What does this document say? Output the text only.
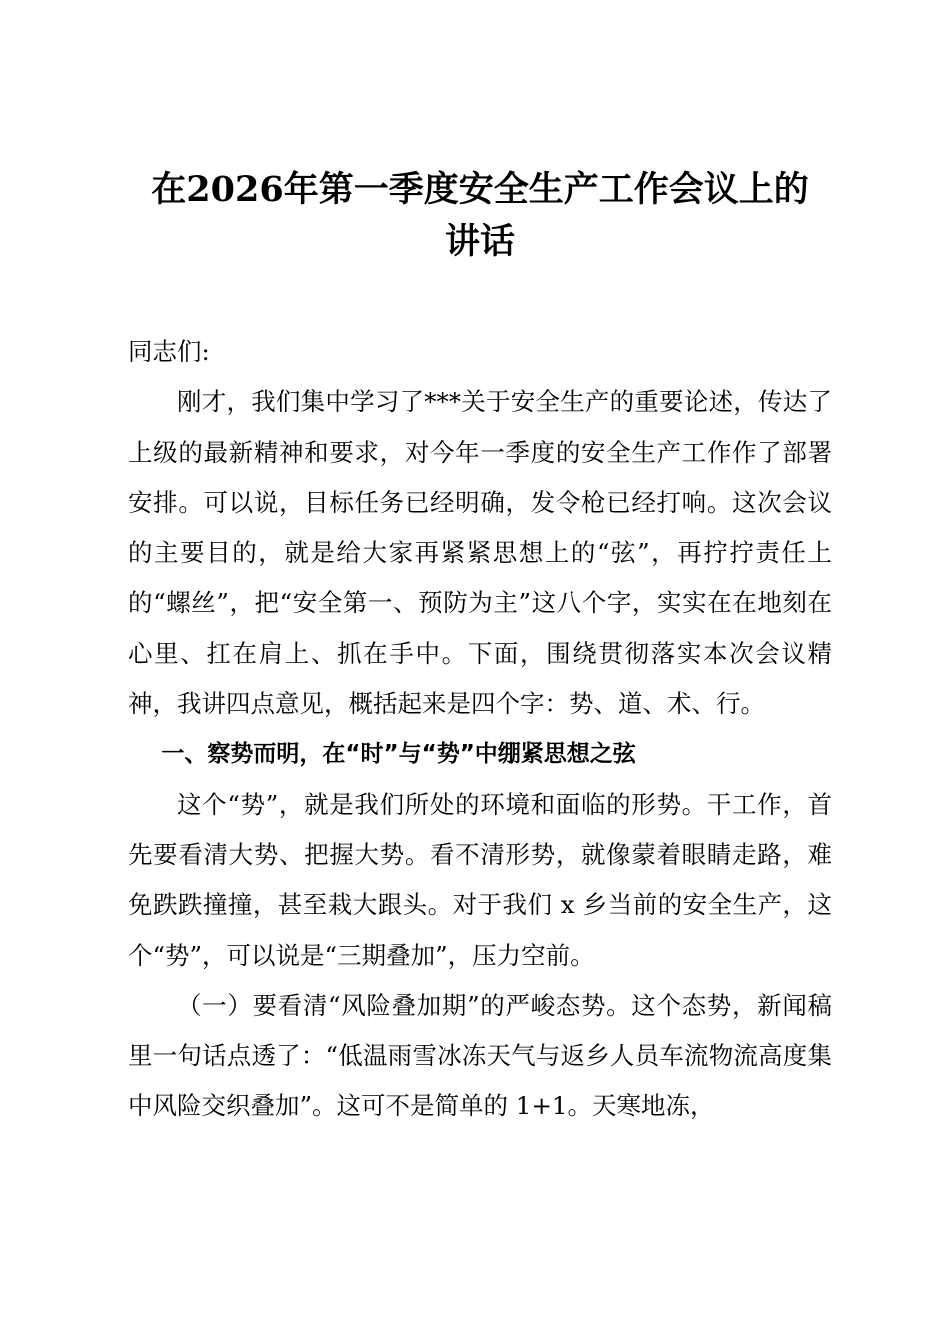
在2026年第一季度安全生产工作会议上的
讲话

同志们:

刚才，我们集中学习了***关于安全生产的重要论述，传达了上级的最新精神和要求，对今年一季度的安全生产工作作了部署安排。可以说，目标任务已经明确，发令枪已经打响。这次会议的主要目的，就是给大家再紧紧思想上的“弦”，再拧拧责任上的“螺丝”，把“安全第一、预防为主”这八个字，实实在在地刻在心里、扛在肩上、抓在手中。下面，围绕贯彻落实本次会议精神，我讲四点意见，概括起来是四个字：势、道、术、行。

一、察势而明，在“时”与“势”中绷紧思想之弦

这个“势”，就是我们所处的环境和面临的形势。干工作，首先要看清大势、把握大势。看不清形势，就像蒙着眼睛走路，难免跌跌撞撞，甚至栽大跟头。对于我们 x 乡当前的安全生产，这个“势”，可以说是“三期叠加”，压力空前。

（一）要看清“风险叠加期”的严峻态势。这个态势，新闻稿里一句话点透了：“低温雨雪冰冻天气与返乡人员车流物流高度集中风险交织叠加”。这可不是简单的 1+1。天寒地冻，
